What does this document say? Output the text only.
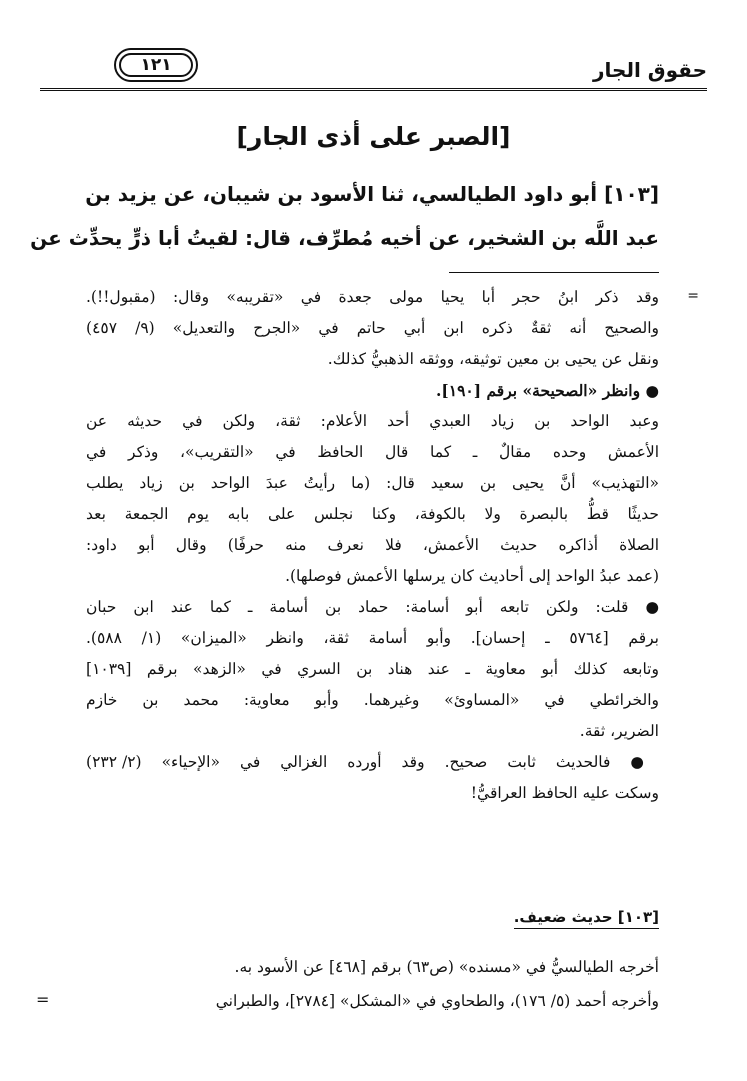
حقوق الجار
١٢١
[الصبر على أذى الجار]
[١٠٣] أبو داود الطيالسي، ثنا الأسود بن شيبان، عن يزيد بن
عبد اللَّه بن الشخير، عن أخيه مُطرِّف، قال: لقيتُ أبا ذرٍّ يحدِّث عن
=
وقد ذكر ابنُ حجر أبا يحيا مولى جعدة في «تقريبه» وقال: (مقبول!!).
والصحيح أنه ثقةٌ ذكره ابن أبي حاتم في «الجرح والتعديل» (٩/ ٤٥٧)
ونقل عن يحيى بن معين توثيقه، ووثقه الذهبيُّ كذلك.
● وانظر «الصحيحة» برقم [١٩٠].
وعبد الواحد بن زياد العبدي أحد الأعلام: ثقة، ولكن في حديثه عن
الأعمش وحده مقالٌ ـ كما قال الحافظ في «التقريب»، وذكر في
«التهذيب» أنَّ يحيى بن سعيد قال: (ما رأيتُ عبدَ الواحد بن زياد يطلب
حديثًا قطُّ بالبصرة ولا بالكوفة، وكنا نجلس على بابه يوم الجمعة بعد
الصلاة أذاكره حديث الأعمش، فلا نعرف منه حرفًا) وقال أبو داود:
(عمد عبدُ الواحد إلى أحاديث كان يرسلها الأعمش فوصلها).
● قلت: ولكن تابعه أبو أسامة: حماد بن أسامة ـ كما عند ابن حبان
برقم [٥٧٦٤ ـ إحسان]. وأبو أسامة ثقة، وانظر «الميزان» (١/ ٥٨٨).
وتابعه كذلك أبو معاوية ـ عند هناد بن السري في «الزهد» برقم [١٠٣٩]
والخرائطي في «المساوئ» وغيرهما. وأبو معاوية: محمد بن خازم
الضرير، ثقة.
● فالحديث ثابت صحيح. وقد أورده الغزالي في «الإحياء» (٢/ ٢٣٢)
وسكت عليه الحافظ العراقيُّ!
[١٠٣] حديث ضعيف.
أخرجه الطيالسيُّ في «مسنده» (ص٦٣) برقم [٤٦٨] عن الأسود به.
وأخرجه أحمد (٥/ ١٧٦)، والطحاوي في «المشكل» [٢٧٨٤]، والطبراني
=
